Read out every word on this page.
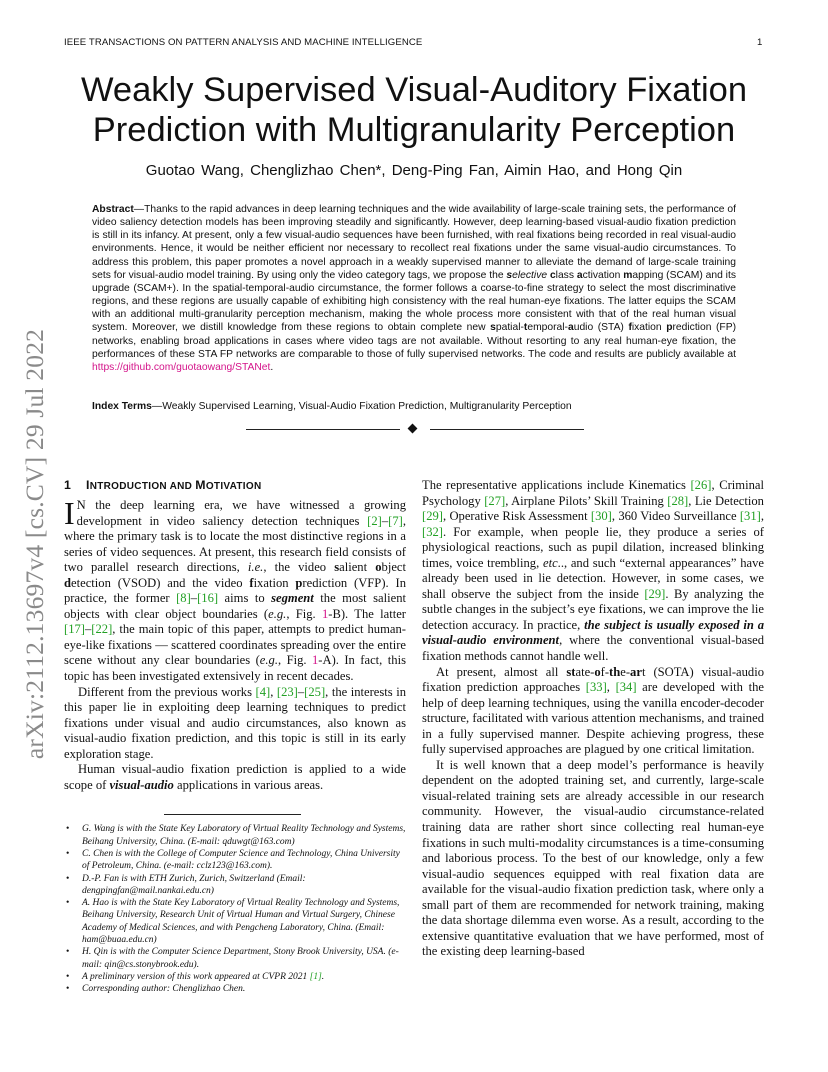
IEEE TRANSACTIONS ON PATTERN ANALYSIS AND MACHINE INTELLIGENCE	1
Weakly Supervised Visual-Auditory Fixation
Prediction with Multigranularity Perception
Guotao Wang, Chenglizhao Chen*, Deng-Ping Fan, Aimin Hao, and Hong Qin
Abstract—Thanks to the rapid advances in deep learning techniques and the wide availability of large-scale training sets, the performance of video saliency detection models has been improving steadily and significantly. However, deep learning-based visual-audio fixation prediction is still in its infancy. At present, only a few visual-audio sequences have been furnished, with real fixations being recorded in real visual-audio environments. Hence, it would be neither efficient nor necessary to recollect real fixations under the same visual-audio circumstances. To address this problem, this paper promotes a novel approach in a weakly supervised manner to alleviate the demand of large-scale training sets for visual-audio model training. By using only the video category tags, we propose the selective class activation mapping (SCAM) and its upgrade (SCAM+). In the spatial-temporal-audio circumstance, the former follows a coarse-to-fine strategy to select the most discriminative regions, and these regions are usually capable of exhibiting high consistency with the real human-eye fixations. The latter equips the SCAM with an additional multi-granularity perception mechanism, making the whole process more consistent with that of the real human visual system. Moreover, we distill knowledge from these regions to obtain complete new spatial-temporal-audio (STA) fixation prediction (FP) networks, enabling broad applications in cases where video tags are not available. Without resorting to any real human-eye fixation, the performances of these STA FP networks are comparable to those of fully supervised networks. The code and results are publicly available at https://github.com/guotaowang/STANet.
Index Terms—Weakly Supervised Learning, Visual-Audio Fixation Prediction, Multigranularity Perception
arXiv:2112.13697v4 [cs.CV] 29 Jul 2022	1 INTRODUCTION AND MOTIVATION

I N the deep learning era, we have witnessed a growing development in video saliency detection techniques [2]–[7], where the primary task is to locate the most distinctive regions in a series of video sequences. At present, this research field consists of two parallel research directions, i.e., the video salient object detection (VSOD) and the video fixation prediction (VFP). In practice, the former [8]–[16] aims to segment the most salient objects with clear object boundaries (e.g., Fig. 1-B). The latter [17]–[22], the main topic of this paper, attempts to predict human-eye-like fixations — scattered coordinates spreading over the entire scene without any clear boundaries (e.g., Fig. 1-A). In fact, this topic has been investigated extensively in recent decades.

Different from the previous works [4], [23]–[25], the interests in this paper lie in exploiting deep learning techniques to predict fixations under visual and audio circumstances, also known as visual-audio fixation prediction, and this topic is still in its early exploration stage.

Human visual-audio fixation prediction is applied to a wide scope of visual-audio applications in various areas.

• G. Wang is with the State Key Laboratory of Virtual Reality Technology and Systems, Beihang University, China. (E-mail: qduwgt@163.com)

• C. Chen is with the College of Computer Science and Technology, China University of Petroleum, China. (e-mail: cclz123@163.com).

• D.-P. Fan is with ETH Zurich, Zurich, Switzerland (Email: dengpingfan@mail.nankai.edu.cn)

• A. Hao is with the State Key Laboratory of Virtual Reality Technology and Systems, Beihang University, Research Unit of Virtual Human and Virtual Surgery, Chinese Academy of Medical Sciences, and with Pengcheng Laboratory, China. (Email: ham@buaa.edu.cn)

• H. Qin is with the Computer Science Department, Stony Brook University, USA. (e-mail: qin@cs.stonybrook.edu).

• A preliminary version of this work appeared at CVPR 2021 [1].

• Corresponding author: Chenglizhao Chen.

The representative applications include Kinematics [26], Criminal Psychology [27], Airplane Pilots’ Skill Training [28], Lie Detection [29], Operative Risk Assessment [30], 360 Video Surveillance [31], [32]. For example, when people lie, they produce a series of physiological reactions, such as pupil dilation, increased blinking times, voice trembling, etc.., and such “external appearances” have already been used in lie detection. However, in some cases, we shall observe the subject from the inside [29]. By analyzing the subtle changes in the subject’s eye fixations, we can improve the lie detection accuracy. In practice, the subject is usually exposed in a visual-audio environment, where the conventional visual-based fixation methods cannot handle well.

At present, almost all state-of-the-art (SOTA) visual-audio fixation prediction approaches [33], [34] are developed with the help of deep learning techniques, using the vanilla encoder-decoder structure, facilitated with various attention mechanisms, and trained in a fully supervised manner. Despite achieving progress, these fully supervised approaches are plagued by one critical limitation.

It is well known that a deep model’s performance is heavily dependent on the adopted training set, and currently, large-scale visual-related training sets are already accessible in our research community. However, the visual-audio circumstance-related training data are rather short since collecting real human-eye fixations in such multi-modality circumstances is a time-consuming and laborious process. To the best of our knowledge, only a few visual-audio sequences equipped with real fixation data are available for the visual-audio fixation prediction task, where only a small part of them are recommended for network training, making the data shortage dilemma even worse. As a result, according to the extensive quantitative evaluation that we have performed, most of the existing deep learning-based
